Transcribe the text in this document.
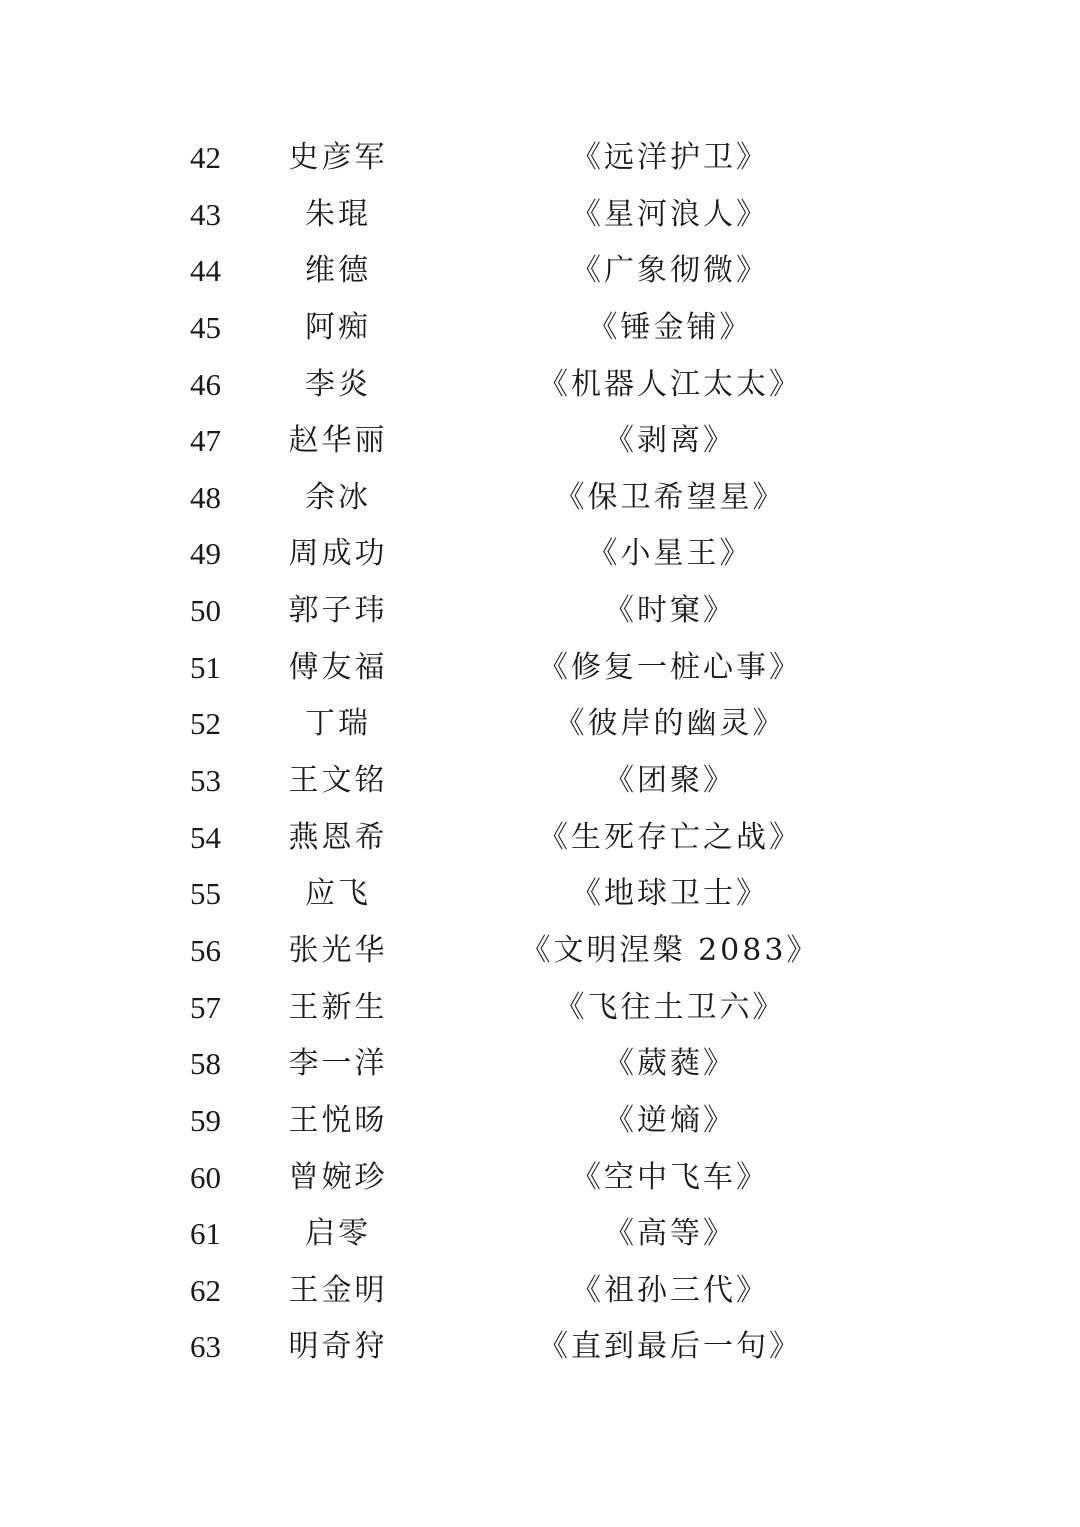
42	史彦军	《远洋护卫》
43	朱琨	《星河浪人》
44	维德	《广象彻微》
45	阿痴	《锤金铺》
46	李炎	《机器人江太太》
47	赵华丽	《剥离》
48	余冰	《保卫希望星》
49	周成功	《小星王》
50	郭子玮	《时窠》
51	傅友福	《修复一桩心事》
52	丁瑞	《彼岸的幽灵》
53	王文铭	《团聚》
54	燕恩希	《生死存亡之战》
55	应飞	《地球卫士》
56	张光华	《文明涅槃 2083》
57	王新生	《飞往土卫六》
58	李一洋	《葳蕤》
59	王悦旸	《逆熵》
60	曾婉珍	《空中飞车》
61	启零	《高等》
62	王金明	《祖孙三代》
63	明奇狩	《直到最后一句》
